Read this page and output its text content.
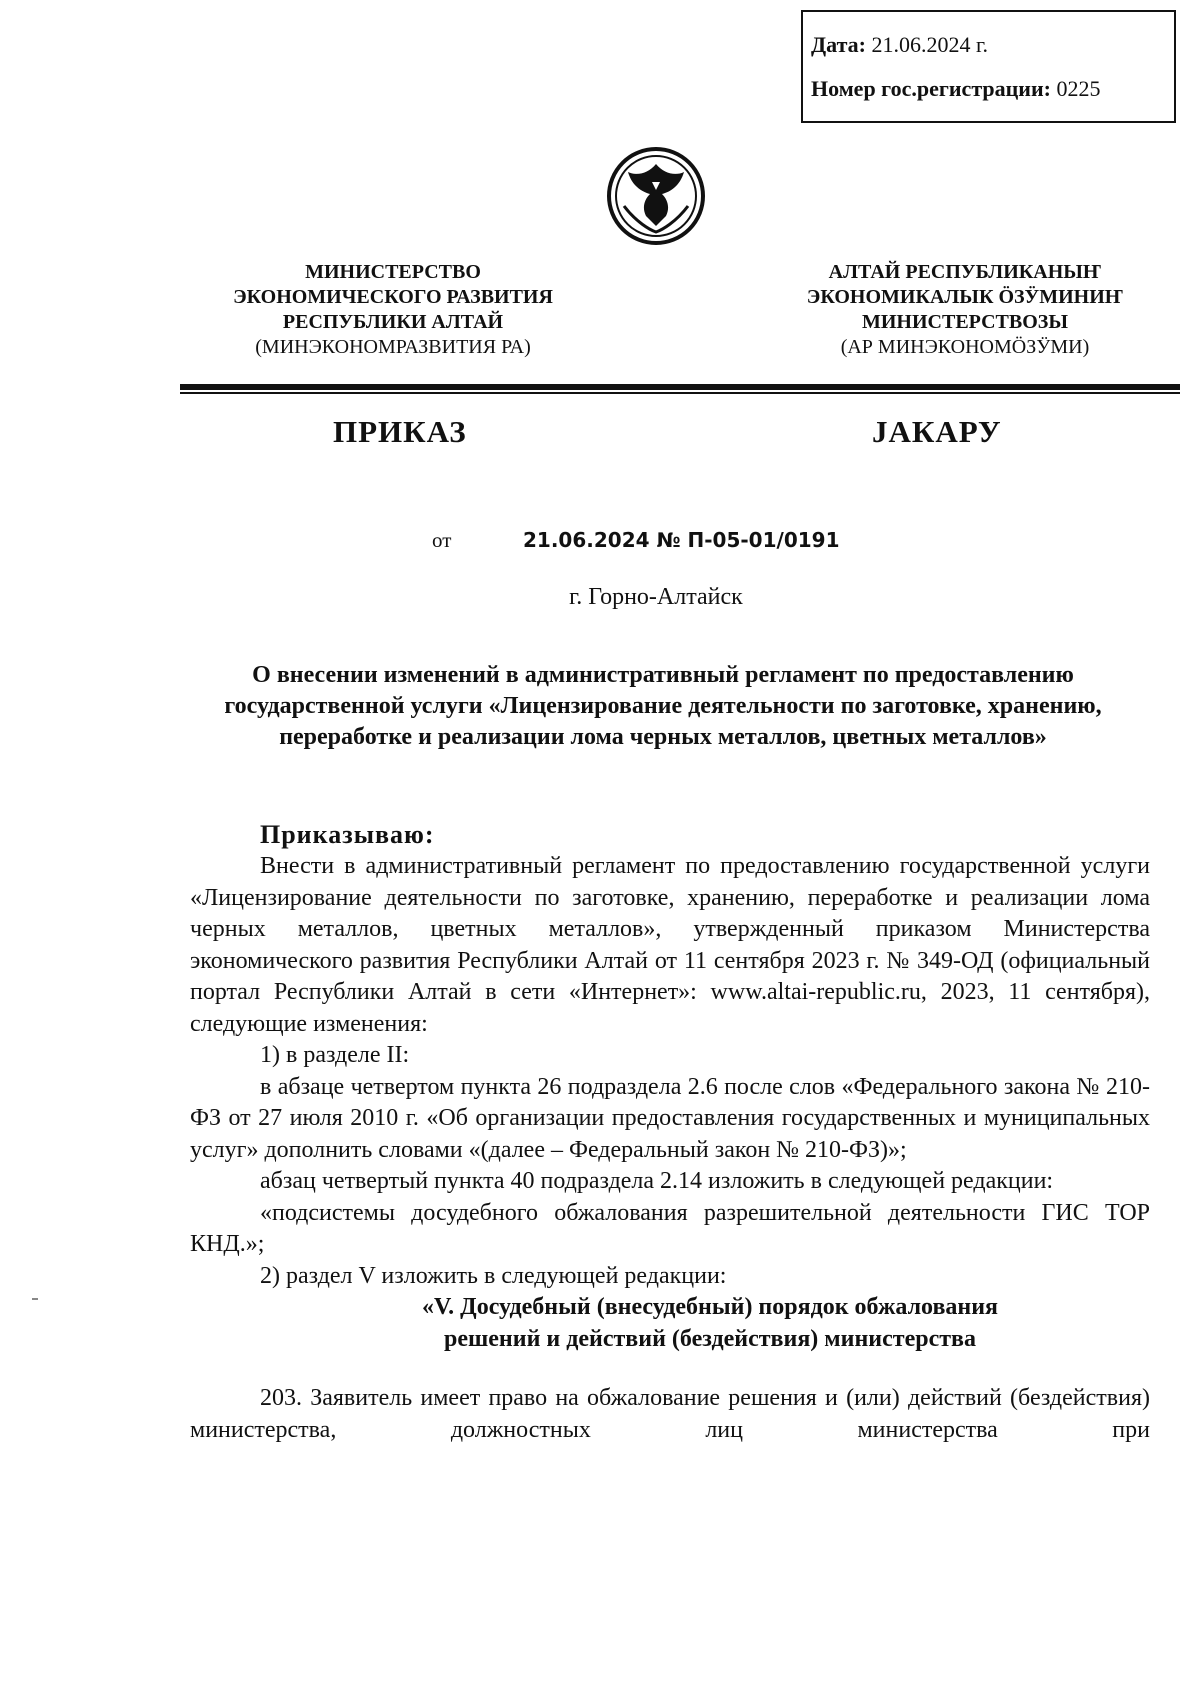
Дата: 21.06.2024 г.
Номер гос.регистрации: 0225
МИНИСТЕРСТВО
ЭКОНОМИЧЕСКОГО РАЗВИТИЯ
РЕСПУБЛИКИ АЛТАЙ
(МИНЭКОНОМРАЗВИТИЯ РА)
АЛТАЙ РЕСПУБЛИКАНЫҤ
ЭКОНОМИКАЛЫК ӦЗӰМИНИҤ
МИНИСТЕРСТВОЗЫ
(АР МИНЭКОНОМӦЗӰМИ)
ПРИКАЗ	JАКАРУ
от	21.06.2024 № П-05-01/0191
г. Горно-Алтайск
О внесении изменений в административный регламент по предоставлению государственной услуги «Лицензирование деятельности по заготовке, хранению, переработке и реализации лома черных металлов, цветных металлов»
Приказываю:

Внести в административный регламент по предоставлению государственной услуги «Лицензирование деятельности по заготовке, хранению, переработке и реализации лома черных металлов, цветных металлов», утвержденный приказом Министерства экономического развития Республики Алтай от 11 сентября 2023 г. № 349-ОД (официальный портал Республики Алтай в сети «Интернет»: www.altai-republic.ru, 2023, 11 сентября), следующие изменения:

1) в разделе II:

в абзаце четвертом пункта 26 подраздела 2.6 после слов «Федерального закона № 210-ФЗ от 27 июля 2010 г. «Об организации предоставления государственных и муниципальных услуг» дополнить словами «(далее – Федеральный закон № 210-ФЗ)»;

абзац четвертый пункта 40 подраздела 2.14 изложить в следующей редакции:

«подсистемы досудебного обжалования разрешительной деятельности ГИС ТОР КНД.»;

2) раздел V изложить в следующей редакции:

«V. Досудебный (внесудебный) порядок обжалования

решений и действий (бездействия) министерства

203. Заявитель имеет право на обжалование решения и (или) действий (бездействия) министерства, должностных лиц министерства при
